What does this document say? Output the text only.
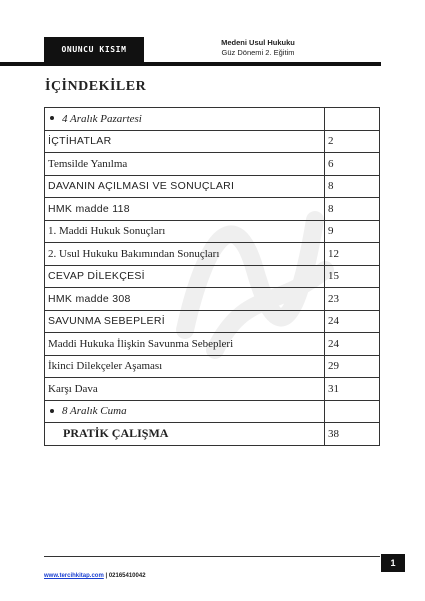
ONUNCU KISIM
Medeni Usul Hukuku
Güz Dönemi 2. Eğitim
İÇİNDEKİLER
4 Aralık Pazartesi	
İÇTİHATLAR	2
Temsilde Yanılma	6
DAVANIN AÇILMASI VE SONUÇLARI	8
HMK madde 118	8
1. Maddi Hukuk Sonuçları	9
2. Usul Hukuku Bakımından Sonuçları	12
CEVAP DİLEKÇESİ	15
HMK madde 308	23
SAVUNMA SEBEPLERİ	24
Maddi Hukuka İlişkin Savunma Sebepleri	24
İkinci Dilekçeler Aşaması	29
Karşı Dava	31
8 Aralık Cuma	
PRATİK ÇALIŞMA	38
1
www.tercihkitap.com | 02165410042
